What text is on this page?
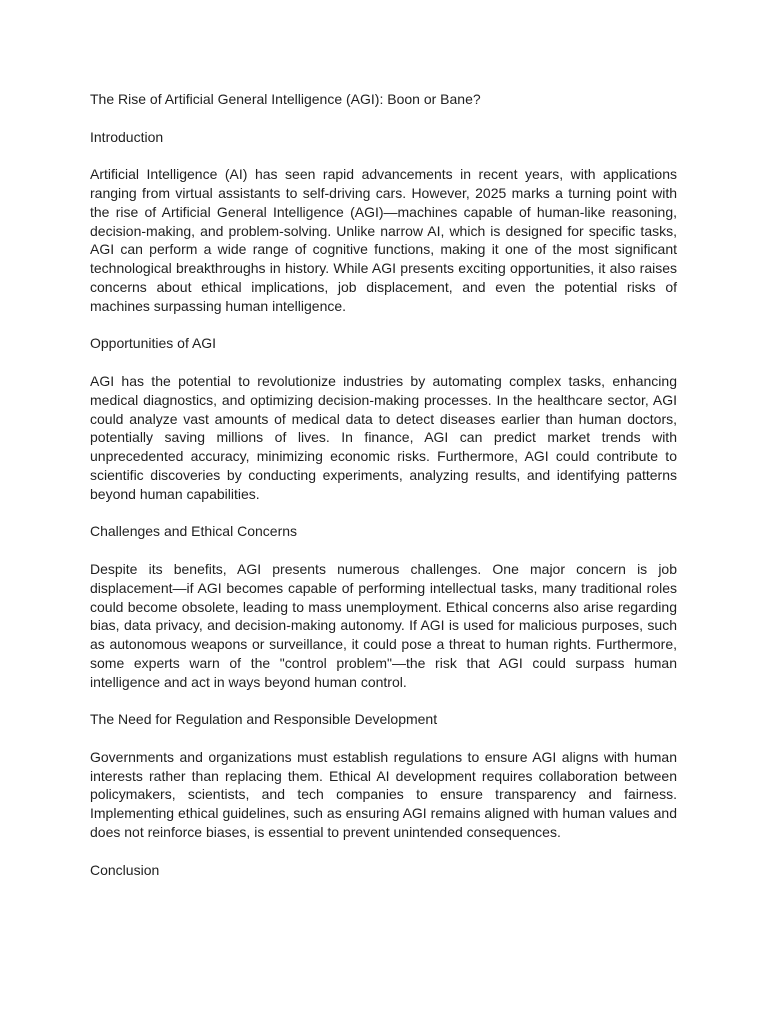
The Rise of Artificial General Intelligence (AGI): Boon or Bane?

Introduction

Artificial Intelligence (AI) has seen rapid advancements in recent years, with applications ranging from virtual assistants to self-driving cars. However, 2025 marks a turning point with the rise of Artificial General Intelligence (AGI)—machines capable of human-like reasoning, decision-making, and problem-solving. Unlike narrow AI, which is designed for specific tasks, AGI can perform a wide range of cognitive functions, making it one of the most significant technological breakthroughs in history. While AGI presents exciting opportunities, it also raises concerns about ethical implications, job displacement, and even the potential risks of machines surpassing human intelligence.

Opportunities of AGI

AGI has the potential to revolutionize industries by automating complex tasks, enhancing medical diagnostics, and optimizing decision-making processes. In the healthcare sector, AGI could analyze vast amounts of medical data to detect diseases earlier than human doctors, potentially saving millions of lives. In finance, AGI can predict market trends with unprecedented accuracy, minimizing economic risks. Furthermore, AGI could contribute to scientific discoveries by conducting experiments, analyzing results, and identifying patterns beyond human capabilities.

Challenges and Ethical Concerns

Despite its benefits, AGI presents numerous challenges. One major concern is job displacement—if AGI becomes capable of performing intellectual tasks, many traditional roles could become obsolete, leading to mass unemployment. Ethical concerns also arise regarding bias, data privacy, and decision-making autonomy. If AGI is used for malicious purposes, such as autonomous weapons or surveillance, it could pose a threat to human rights. Furthermore, some experts warn of the "control problem"—the risk that AGI could surpass human intelligence and act in ways beyond human control.

The Need for Regulation and Responsible Development

Governments and organizations must establish regulations to ensure AGI aligns with human interests rather than replacing them. Ethical AI development requires collaboration between policymakers, scientists, and tech companies to ensure transparency and fairness. Implementing ethical guidelines, such as ensuring AGI remains aligned with human values and does not reinforce biases, is essential to prevent unintended consequences.

Conclusion
